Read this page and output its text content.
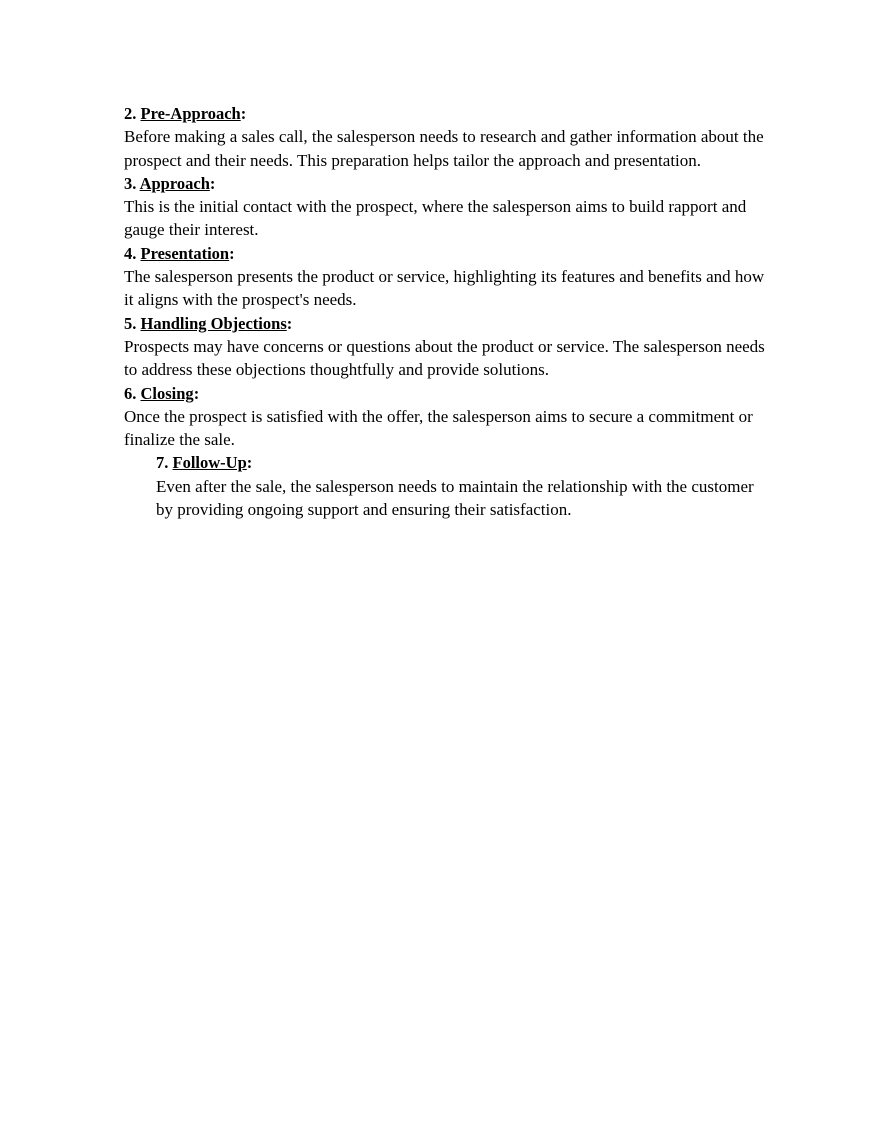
2. Pre-Approach:

Before making a sales call, the salesperson needs to research and gather information about the prospect and their needs. This preparation helps tailor the approach and presentation.

3. Approach:

This is the initial contact with the prospect, where the salesperson aims to build rapport and gauge their interest.

4. Presentation:

The salesperson presents the product or service, highlighting its features and benefits and how it aligns with the prospect's needs.

5. Handling Objections:

Prospects may have concerns or questions about the product or service. The salesperson needs to address these objections thoughtfully and provide solutions.

6. Closing:

Once the prospect is satisfied with the offer, the salesperson aims to secure a commitment or finalize the sale.

7. Follow-Up:

Even after the sale, the salesperson needs to maintain the relationship with the customer by providing ongoing support and ensuring their satisfaction.
